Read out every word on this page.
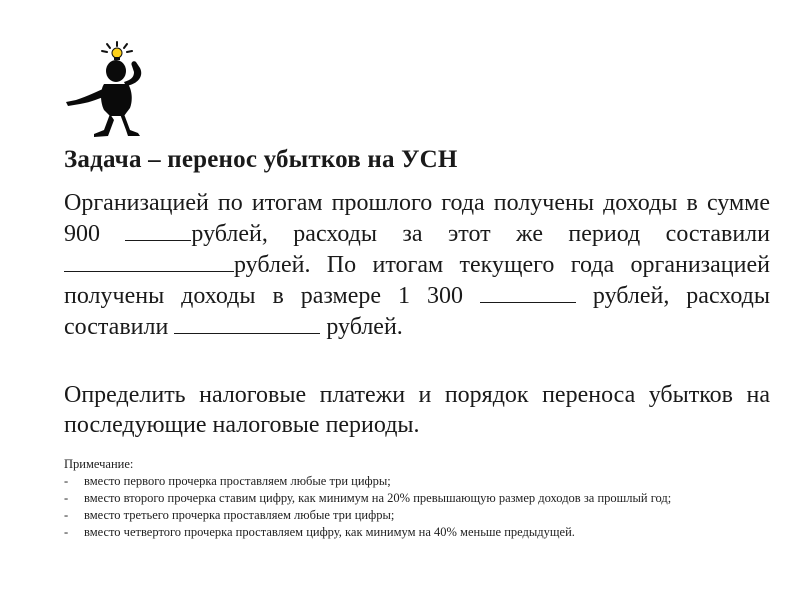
Задача – перенос убытков на УСН
Организацией по итогам прошлого года получены доходы в сумме 900	рублей, расходы за этот же период составили рублей. По итогам текущего года организацией получены доходы в размере 1 300	рублей, расходы составили	рублей.
Определить налоговые платежи и порядок переноса убытков на последующие налоговые периоды.
Примечание:
- вместо первого прочерка проставляем любые три цифры;
- вместо второго прочерка ставим цифру, как минимум на 20% превышающую размер доходов за прошлый год;
- вместо третьего прочерка проставляем любые три цифры;
- вместо четвертого прочерка проставляем цифру, как минимум на 40% меньше предыдущей.
